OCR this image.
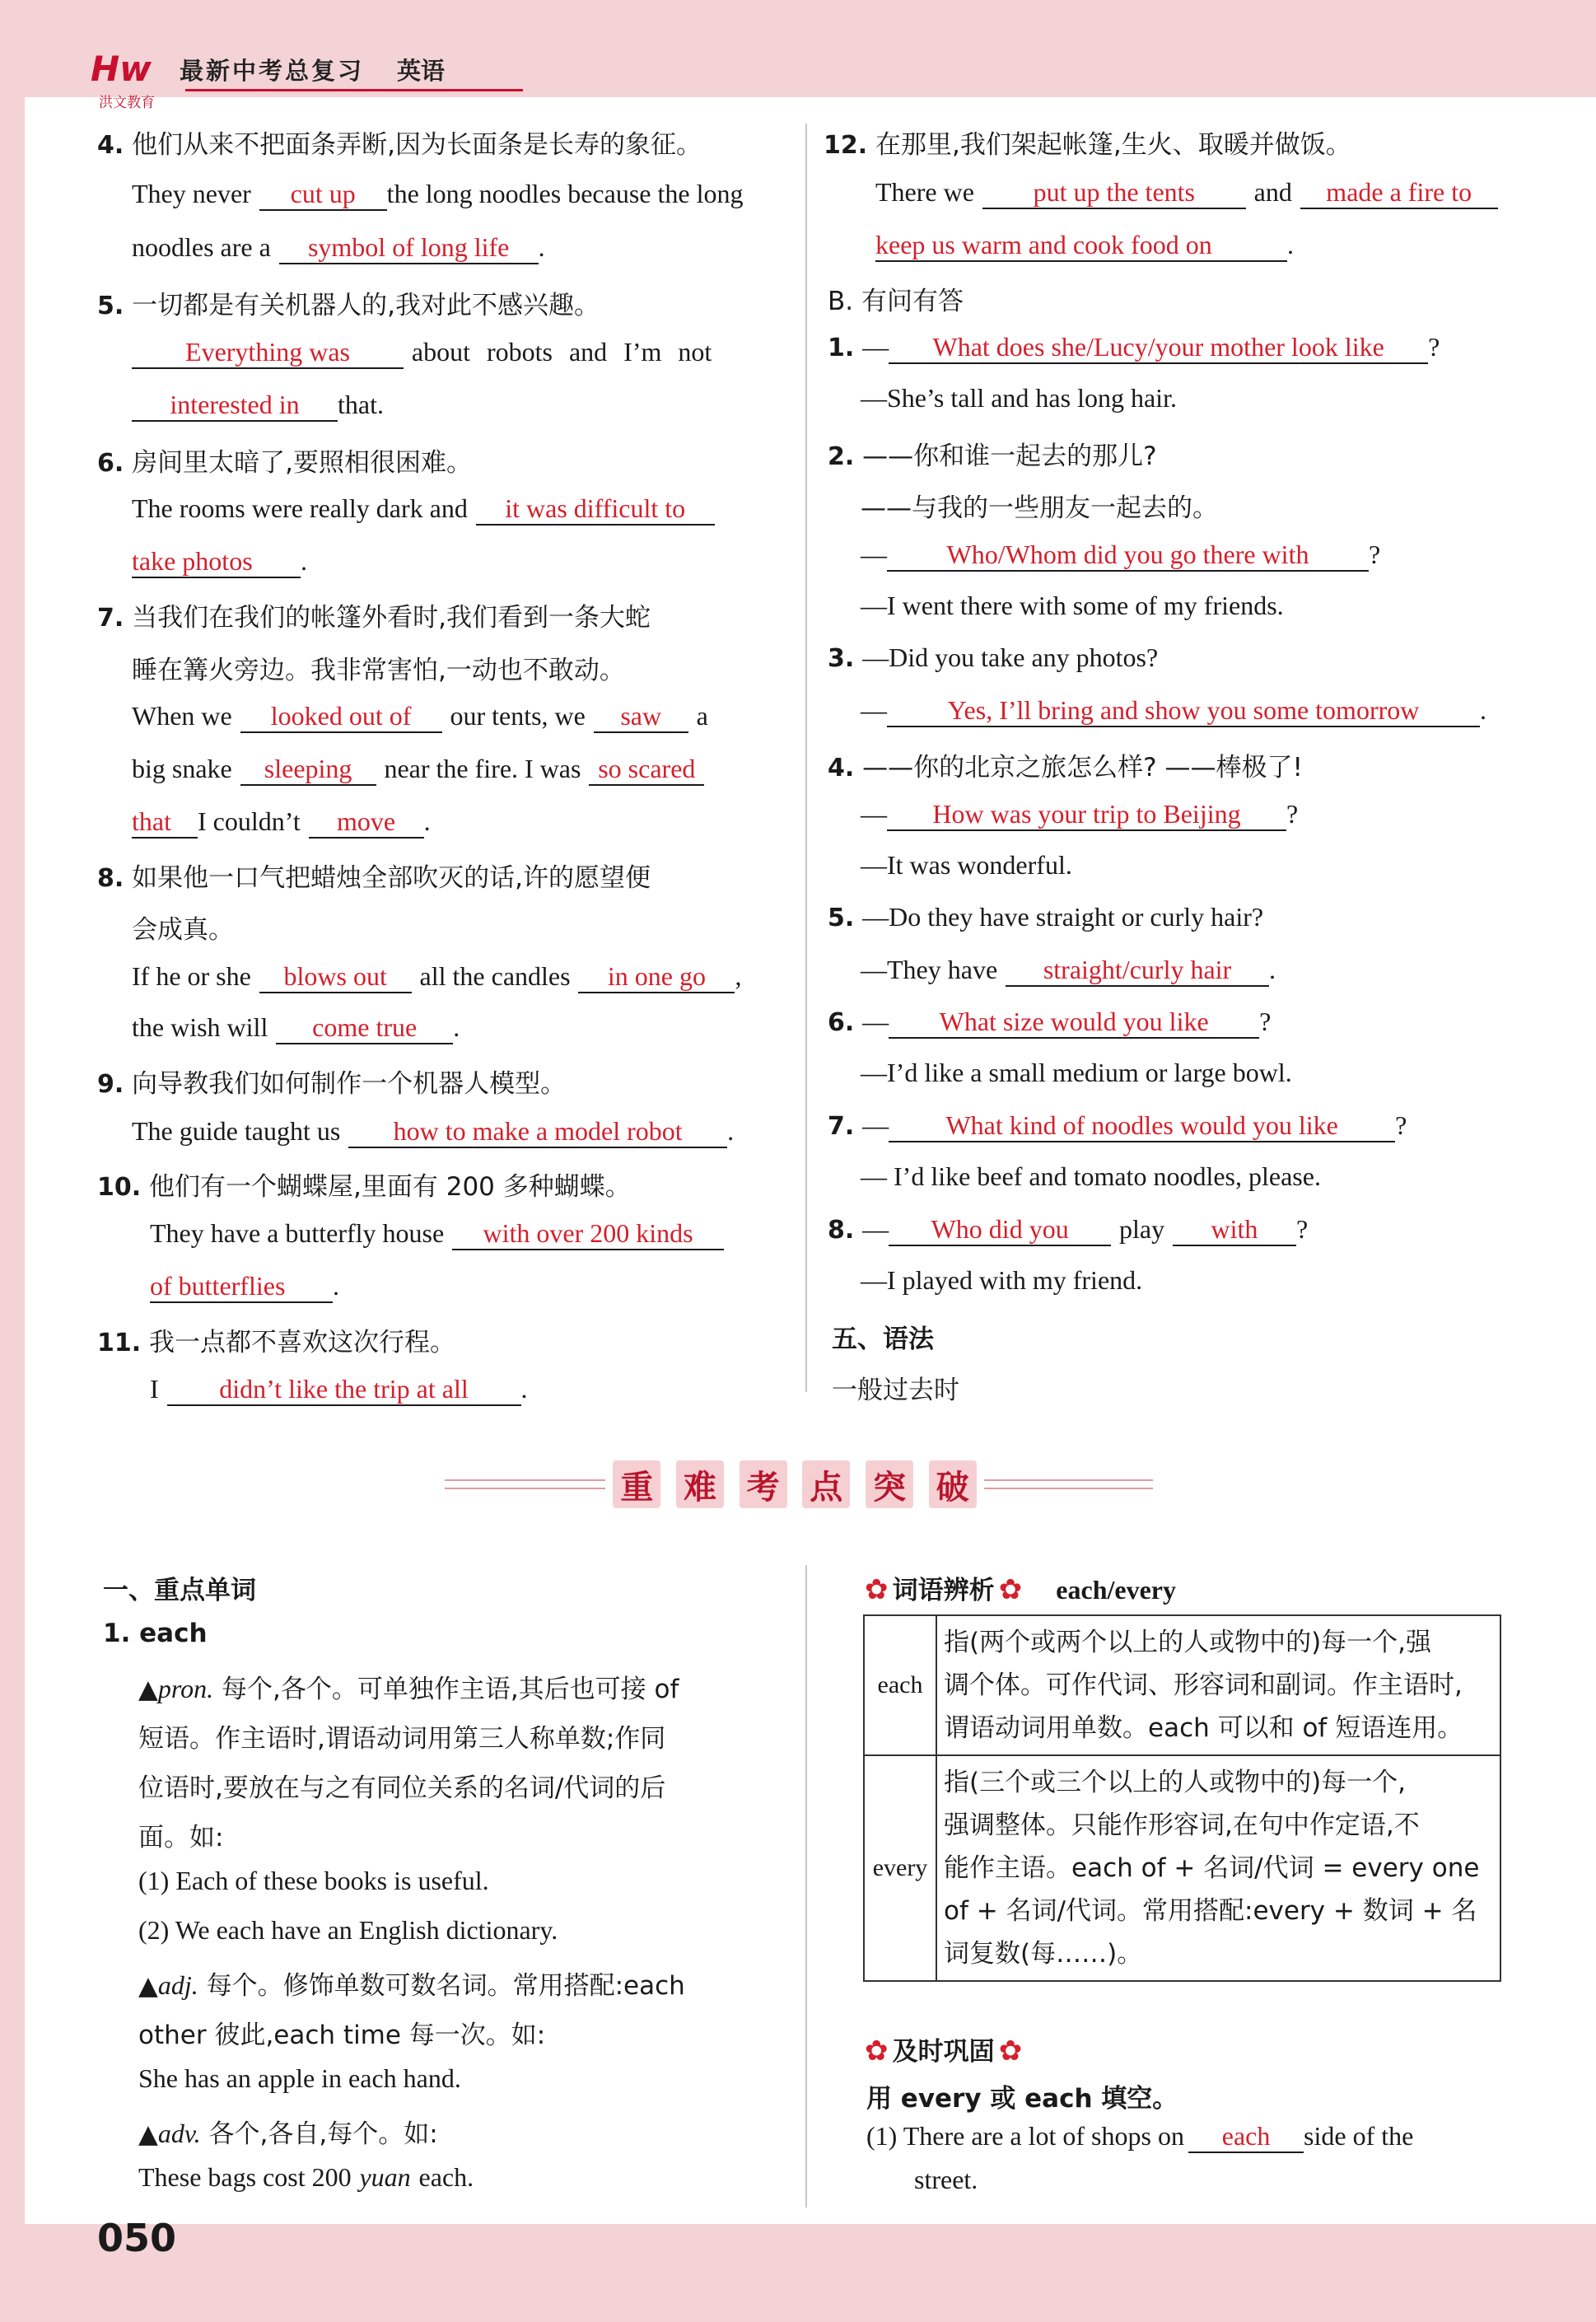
Hw
洪文教育
最新中考总复习 英语
4. 他们从来不把面条弄断,因为长面条是长寿的象征。
They never cut up the long noodles because the long
noodles are a symbol of long life .
5. 一切都是有关机器人的,我对此不感兴趣。
Everything was about robots and I’m not
interested in that.
6. 房间里太暗了,要照相很困难。
The rooms were really dark and it was difficult to
take photos .
7. 当我们在我们的帐篷外看时,我们看到一条大蛇
睡在篝火旁边。我非常害怕,一动也不敢动。
When we looked out of our tents, we saw a
big snake sleeping near the fire. I was so scared
that I couldn’t move .
8. 如果他一口气把蜡烛全部吹灭的话,许的愿望便
会成真。
If he or she blows out all the candles in one go ,
the wish will come true .
9. 向导教我们如何制作一个机器人模型。
The guide taught us how to make a model robot .
10. 他们有一个蝴蝶屋,里面有 200 多种蝴蝶。
They have a butterfly house with over 200 kinds
of butterflies .
11. 我一点都不喜欢这次行程。
I didn’t like the trip at all .
12. 在那里,我们架起帐篷,生火、取暖并做饭。
There we put up the tents and made a fire to
keep us warm and cook food on	.
B. 有问有答
1. — What does she/Lucy/your mother look like ?
—She’s tall and has long hair.
2. ——你和谁一起去的那儿?
——与我的一些朋友一起去的。
— Who/Whom did you go there with ?
—I went there with some of my friends.
3. —Did you take any photos?
— Yes, I’ll bring and show you some tomorrow .
4. ——你的北京之旅怎么样? ——棒极了!
— How was your trip to Beijing ?
—It was wonderful.
5. —Do they have straight or curly hair?
—They have straight/curly hair .
6. — What size would you like ?
—I’d like a small medium or large bowl.
7. — What kind of noodles would you like ?
— I’d like beef and tomato noodles, please.
8. — Who did you play with ?
—I played with my friend.
五、语法
一般过去时
重 难 考 点 突 破
一、重点单词
1. each
▲pron. 每个,各个。可单独作主语,其后也可接 of
短语。作主语时,谓语动词用第三人称单数;作同
位语时,要放在与之有同位关系的名词/代词的后
面。如:
(1) Each of these books is useful.
(2) We each have an English dictionary.
▲adj. 每个。修饰单数可数名词。常用搭配:each
other 彼此,each time 每一次。如:
She has an apple in each hand.
▲adv. 各个,各自,每个。如:
These bags cost 200 yuan each.
✿ 词语辨析 ✿ each/every
each	指(两个或两个以上的人或物中的)每一个,强
调个体。可作代词、形容词和副词。作主语时,
谓语动词用单数。each 可以和 of 短语连用。

every	指(三个或三个以上的人或物中的)每一个,
强调整体。只能作形容词,在句中作定语,不
能作主语。each of + 名词/代词 = every one
of + 名词/代词。常用搭配:every + 数词 + 名
词复数(每……)。
✿ 及时巩固 ✿
用 every 或 each 填空。
(1) There are a lot of shops on each side of the
street.
050
